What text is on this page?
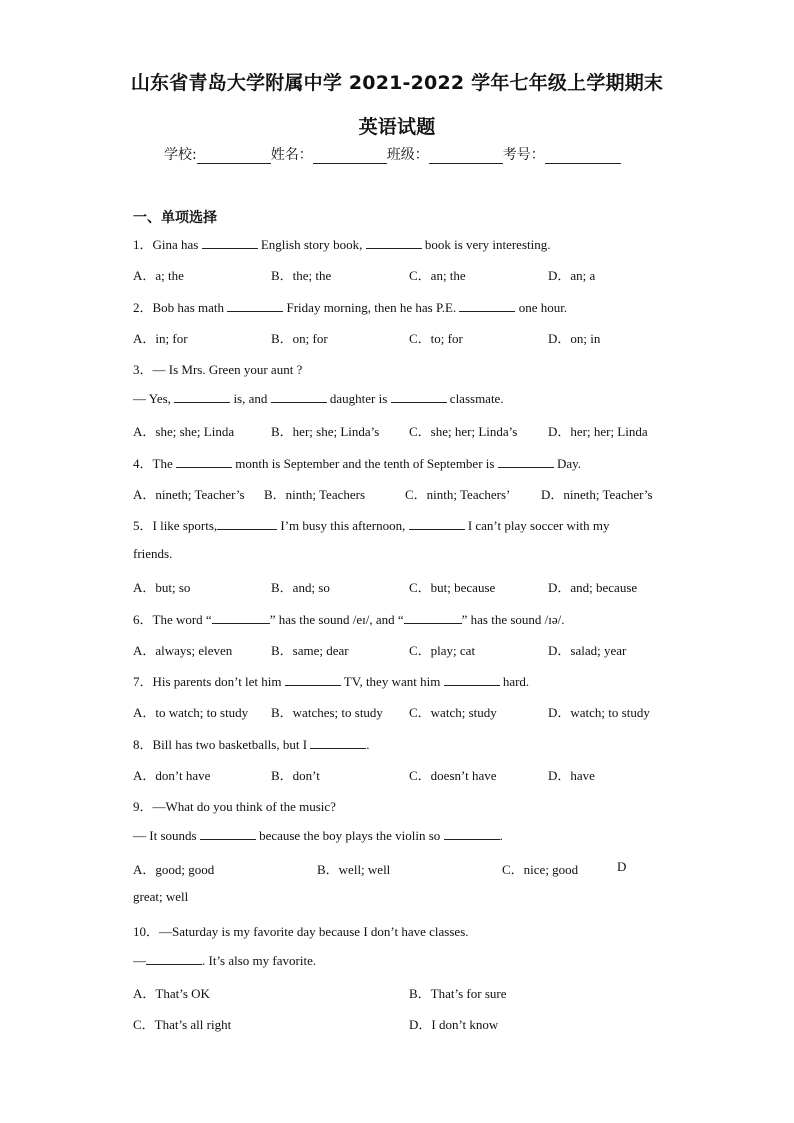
山东省青岛大学附属中学 2021-2022 学年七年级上学期期末
英语试题
学校:	姓名：	班级：	考号：
一、单项选择
1．Gina has	English story book,	book is very interesting.
A．a; the	B．the; the	C．an; the	D．an; a
2．Bob has math	Friday morning, then he has P.E.	one hour.
A．in; for	B．on; for	C．to; for	D．on; in
3．— Is Mrs. Green your aunt ?
— Yes,	is, and	daughter is	classmate.
A．she; she; Linda	B．her; she; Linda’s C．she; her; Linda’s D．her; her; Linda
4．The	month is September and the tenth of September is	Day.
A．nineth; Teacher’s B．ninth; Teachers	C．ninth; Teachers’ D．nineth; Teacher’s
5．I like sports,	I’m busy this afternoon,	I can’t play soccer with my
friends.
A．but; so	B．and; so	C．but; because	D．and; because
6．The word “	” has the sound /eɪ/, and “	” has the sound /ɪə/.
A．always; eleven	B．same; dear	C．play; cat	D．salad; year
7．His parents don’t let him	TV, they want him	hard.
A．to watch; to study B．watches; to study C．watch; study	D．watch; to study
8．Bill has two basketballs, but I	.
A．don’t have	B．don’t	C．doesn’t have	D．have
9．—What do you think of the music?
— It sounds	because the boy plays the violin so	.
A．good; good	B．well; well	C．nice; good	D
great; well
10．—Saturday is my favorite day because I don’t have classes.
—	. It’s also my favorite.
A．That’s OK	B．That’s for sure
C．That’s all right	D．I don’t know
